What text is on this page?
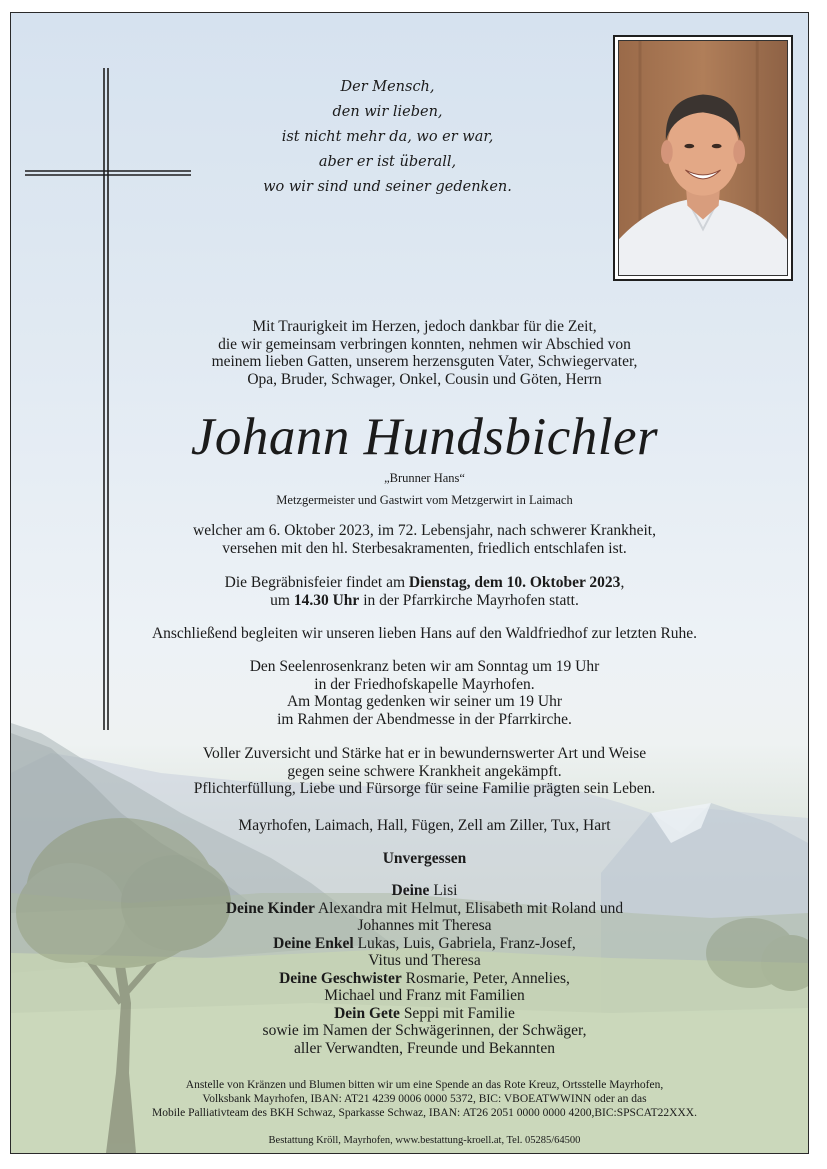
Der Mensch,
den wir lieben,
ist nicht mehr da, wo er war,
aber er ist überall,
wo wir sind und seiner gedenken.
Mit Traurigkeit im Herzen, jedoch dankbar für die Zeit,
die wir gemeinsam verbringen konnten, nehmen wir Abschied von
meinem lieben Gatten, unserem herzensguten Vater, Schwiegervater,
Opa, Bruder, Schwager, Onkel, Cousin und Göten, Herrn
Johann Hundsbichler
„Brunner Hans“
Metzgermeister und Gastwirt vom Metzgerwirt in Laimach
welcher am 6. Oktober 2023, im 72. Lebensjahr, nach schwerer Krankheit,
versehen mit den hl. Sterbesakramenten, friedlich entschlafen ist.
Die Begräbnisfeier findet am Dienstag, dem 10. Oktober 2023,
um 14.30 Uhr in der Pfarrkirche Mayrhofen statt.
Anschließend begleiten wir unseren lieben Hans auf den Waldfriedhof zur letzten Ruhe.
Den Seelenrosenkranz beten wir am Sonntag um 19 Uhr
in der Friedhofskapelle Mayrhofen.
Am Montag gedenken wir seiner um 19 Uhr
im Rahmen der Abendmesse in der Pfarrkirche.
Voller Zuversicht und Stärke hat er in bewundernswerter Art und Weise
gegen seine schwere Krankheit angekämpft.
Pflichterfüllung, Liebe und Fürsorge für seine Familie prägten sein Leben.
Mayrhofen, Laimach, Hall, Fügen, Zell am Ziller, Tux, Hart
Unvergessen
Deine Lisi
Deine Kinder Alexandra mit Helmut, Elisabeth mit Roland und
Johannes mit Theresa
Deine Enkel Lukas, Luis, Gabriela, Franz-Josef,
Vitus und Theresa
Deine Geschwister Rosmarie, Peter, Annelies,
Michael und Franz mit Familien
Dein Gete Seppi mit Familie
sowie im Namen der Schwägerinnen, der Schwäger,
aller Verwandten, Freunde und Bekannten
Anstelle von Kränzen und Blumen bitten wir um eine Spende an das Rote Kreuz, Ortsstelle Mayrhofen,
Volksbank Mayrhofen, IBAN: AT21 4239 0006 0000 5372, BIC: VBOEATWWINN oder an das
Mobile Palliativteam des BKH Schwaz, Sparkasse Schwaz, IBAN: AT26 2051 0000 0000 4200,BIC:SPSCAT22XXX.
Bestattung Kröll, Mayrhofen, www.bestattung-kroell.at, Tel. 05285/64500
